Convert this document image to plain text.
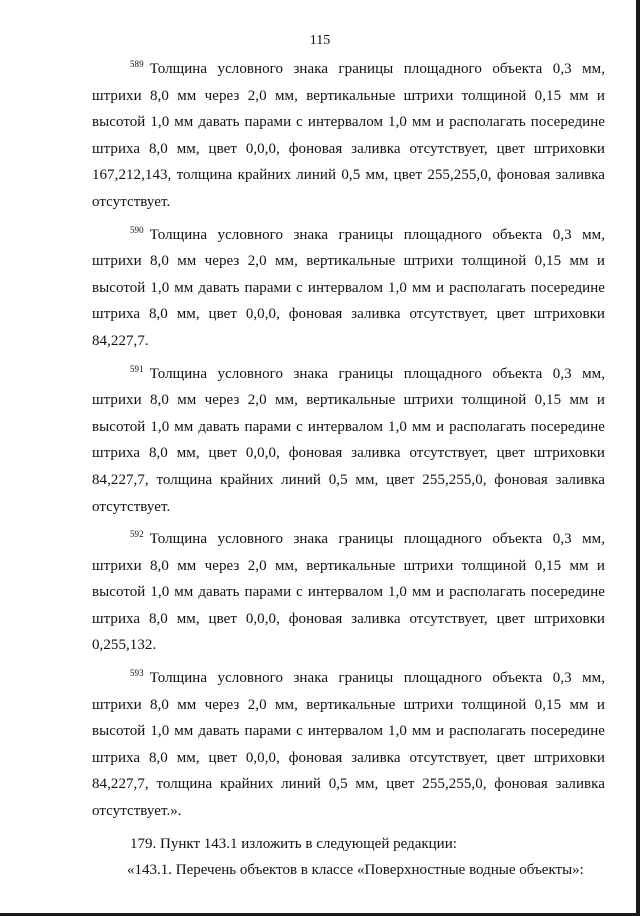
115

$^{589}$ Толщина условного знака границы площадного объекта 0,3 мм, штрихи 8,0 мм через 2,0 мм, вертикальные штрихи толщиной 0,15 мм и высотой 1,0 мм давать парами с интервалом 1,0 мм и располагать посередине штриха 8,0 мм, цвет 0,0,0, фоновая заливка отсутствует, цвет штриховки 167,212,143, толщина крайних линий 0,5 мм, цвет 255,255,0, фоновая заливка отсутствует.

$^{590}$ Толщина условного знака границы площадного объекта 0,3 мм, штрихи 8,0 мм через 2,0 мм, вертикальные штрихи толщиной 0,15 мм и высотой 1,0 мм давать парами с интервалом 1,0 мм и располагать посередине штриха 8,0 мм, цвет 0,0,0, фоновая заливка отсутствует, цвет штриховки 84,227,7.

$^{591}$ Толщина условного знака границы площадного объекта 0,3 мм, штрихи 8,0 мм через 2,0 мм, вертикальные штрихи толщиной 0,15 мм и высотой 1,0 мм давать парами с интервалом 1,0 мм и располагать посередине штриха 8,0 мм, цвет 0,0,0, фоновая заливка отсутствует, цвет штриховки 84,227,7, толщина крайних линий 0,5 мм, цвет 255,255,0, фоновая заливка отсутствует.

$^{592}$ Толщина условного знака границы площадного объекта 0,3 мм, штрихи 8,0 мм через 2,0 мм, вертикальные штрихи толщиной 0,15 мм и высотой 1,0 мм давать парами с интервалом 1,0 мм и располагать посередине штриха 8,0 мм, цвет 0,0,0, фоновая заливка отсутствует, цвет штриховки 0,255,132.

$^{593}$ Толщина условного знака границы площадного объекта 0,3 мм, штрихи 8,0 мм через 2,0 мм, вертикальные штрихи толщиной 0,15 мм и высотой 1,0 мм давать парами с интервалом 1,0 мм и располагать посередине штриха 8,0 мм, цвет 0,0,0, фоновая заливка отсутствует, цвет штриховки 84,227,7, толщина крайних линий 0,5 мм, цвет 255,255,0, фоновая заливка отсутствует.».

179. Пункт 143.1 изложить в следующей редакции:

«143.1. Перечень объектов в классе «Поверхностные водные объекты»:
